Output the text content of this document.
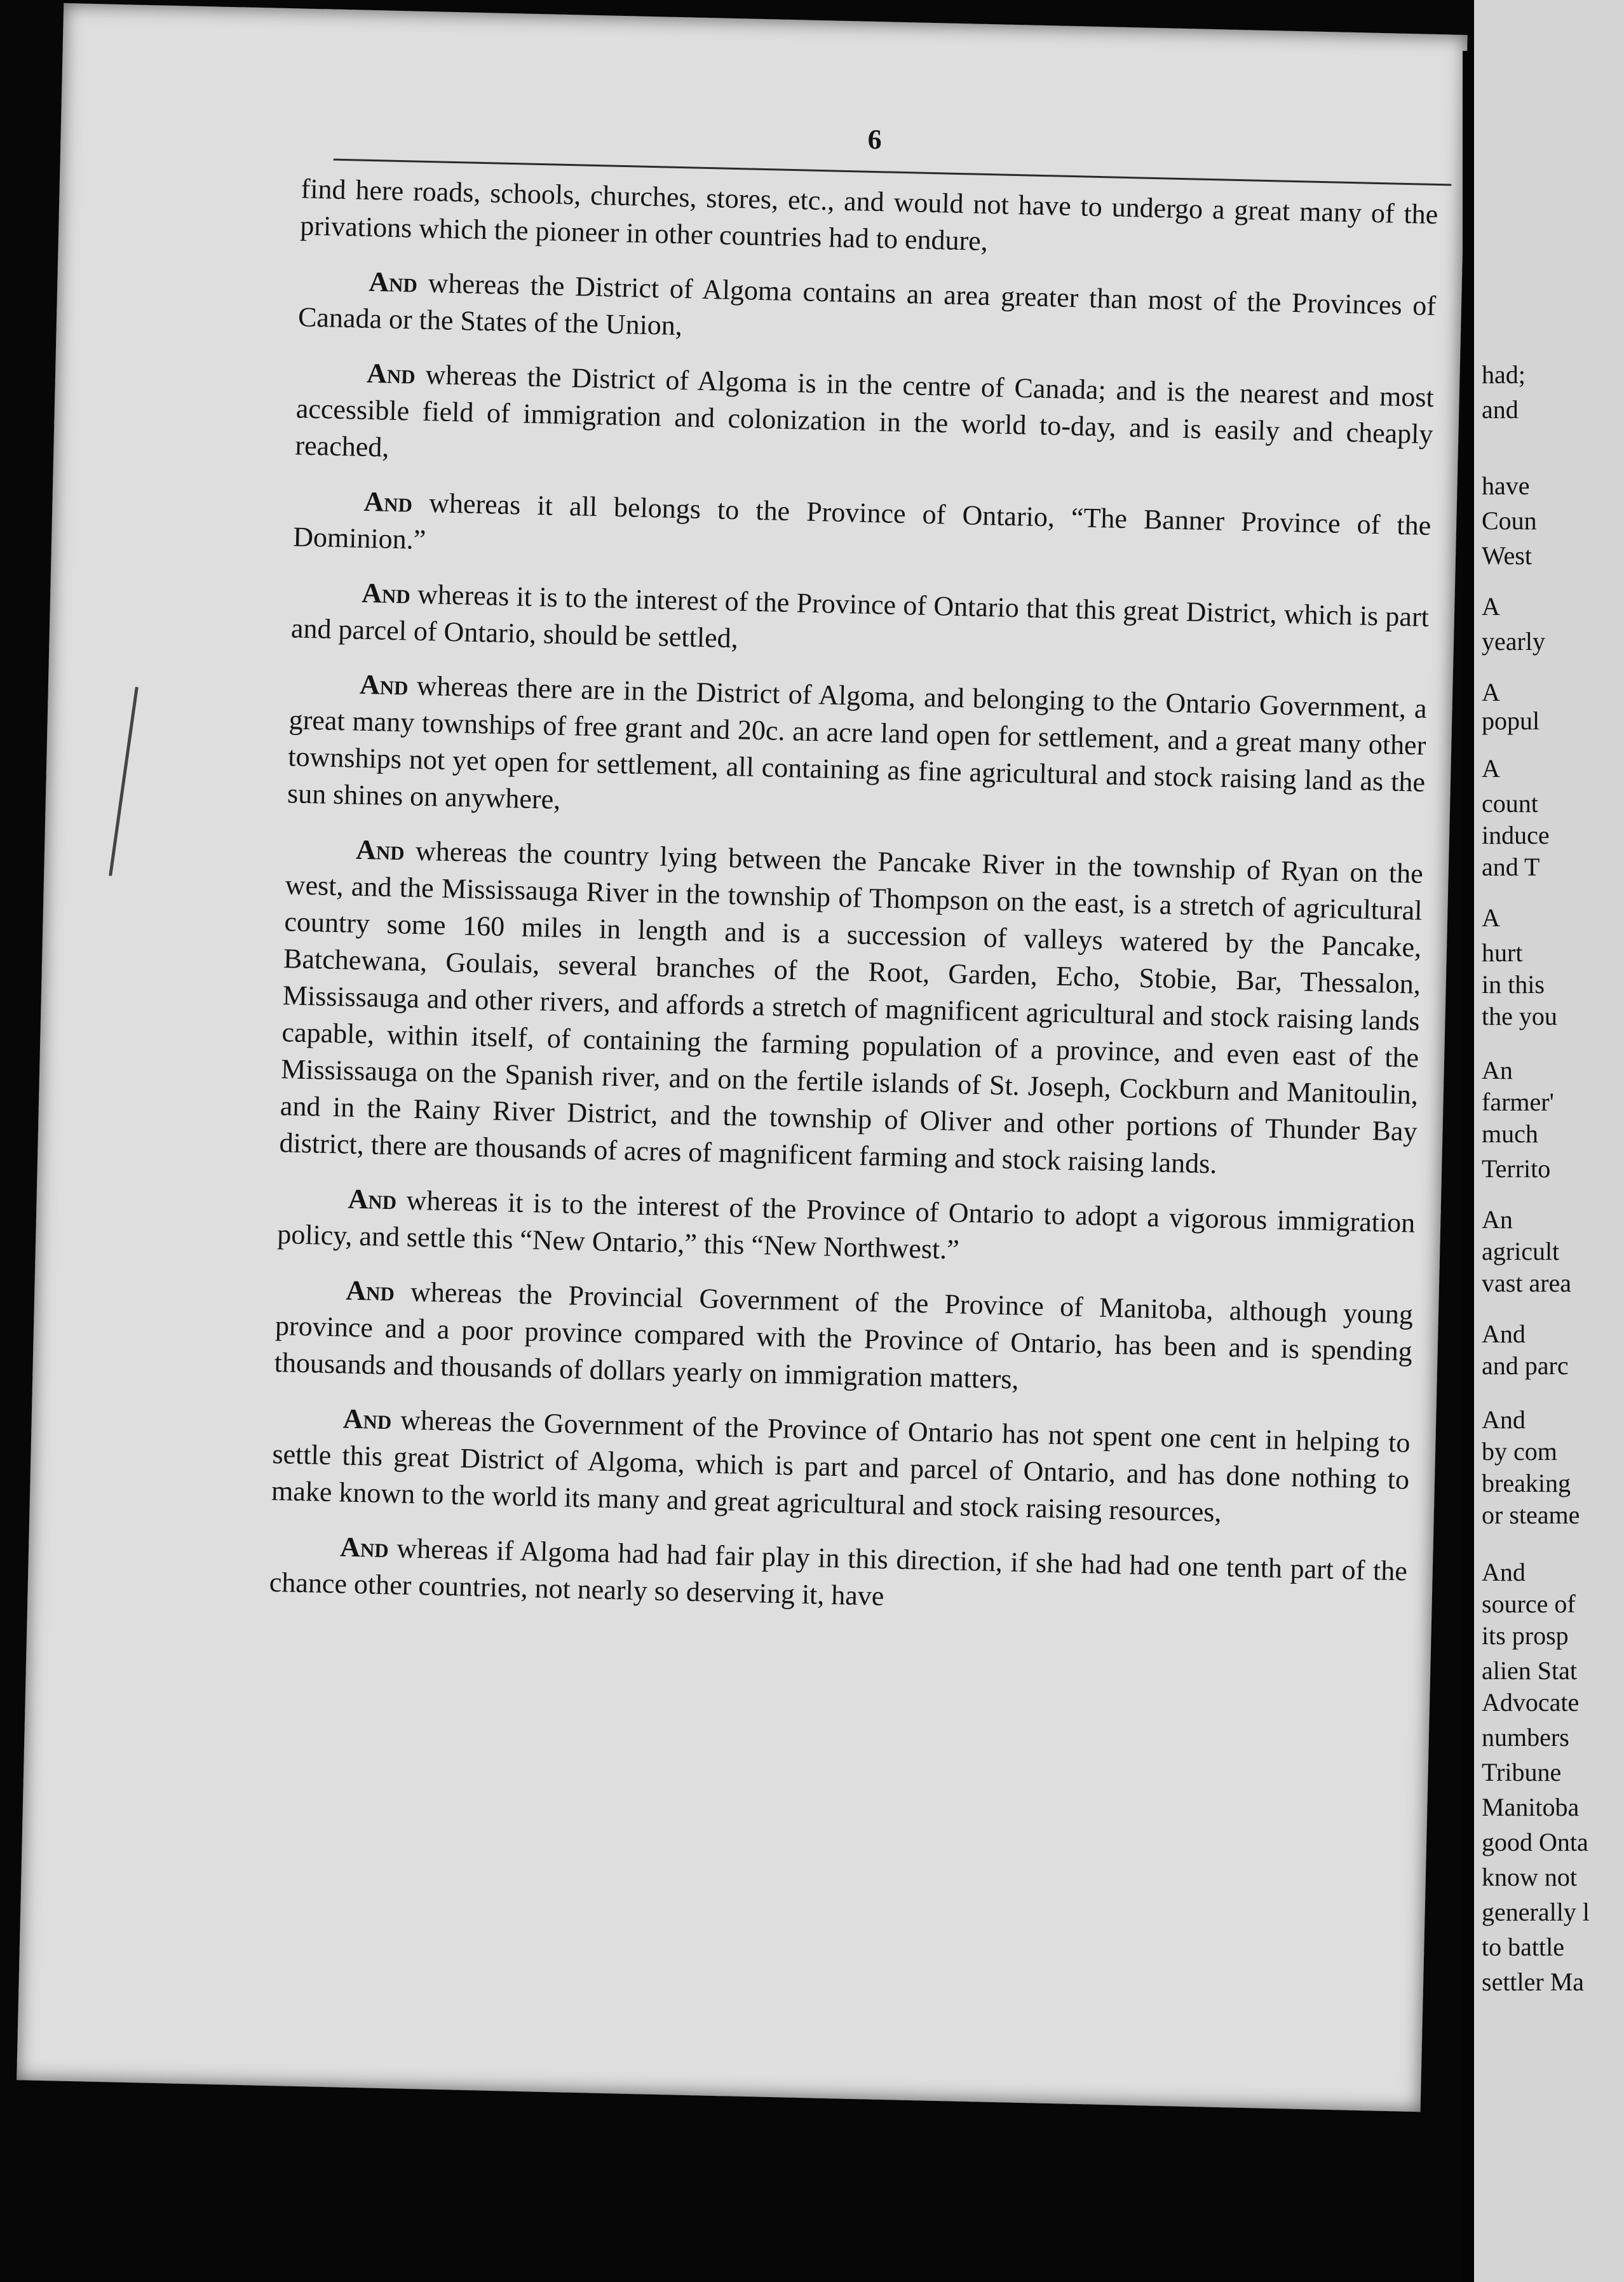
6

find here roads, schools, churches, stores, etc., and would not have to undergo a great many of the privations which the pioneer in other countries had to endure,

And whereas the District of Algoma contains an area greater than most of the Provinces of Canada or the States of the Union,

And whereas the District of Algoma is in the centre of Canada; and is the nearest and most accessible field of immigration and colonization in the world to-day, and is easily and cheaply reached,

And whereas it all belongs to the Province of Ontario, “The Banner Province of the Dominion.”

And whereas it is to the interest of the Province of Ontario that this great District, which is part and parcel of Ontario, should be settled,

And whereas there are in the District of Algoma, and belonging to the Ontario Government, a great many townships of free grant and 20c. an acre land open for settlement, and a great many other townships not yet open for settlement, all containing as fine agricultural and stock raising land as the sun shines on anywhere,

And whereas the country lying between the Pancake River in the township of Ryan on the west, and the Mississauga River in the township of Thompson on the east, is a stretch of agricultural country some 160 miles in length and is a succession of valleys watered by the Pancake, Batchewana, Goulais, several branches of the Root, Garden, Echo, Stobie, Bar, Thessalon, Mississauga and other rivers, and affords a stretch of magnificent agricultural and stock raising lands capable, within itself, of containing the farming population of a province, and even east of the Mississauga on the Spanish river, and on the fertile islands of St. Joseph, Cockburn and Manitoulin, and in the Rainy River District, and the township of Oliver and other portions of Thunder Bay district, there are thousands of acres of magnificent farming and stock raising lands.

And whereas it is to the interest of the Province of Ontario to adopt a vigorous immigration policy, and settle this “New Ontario,” this “New Northwest.”

And whereas the Provincial Government of the Province of Manitoba, although young province and a poor province compared with the Province of Ontario, has been and is spending thousands and thousands of dollars yearly on immigration matters,

And whereas the Government of the Province of Ontario has not spent one cent in helping to settle this great District of Algoma, which is part and parcel of Ontario, and has done nothing to make known to the world its many and great agricultural and stock raising resources,

And whereas if Algoma had had fair play in this direction, if she had had one tenth part of the chance other countries, not nearly so deserving it, have

had;
and
have
Coun
West
A
yearly
A
popul
A
count
induce
and T
A
hurt
in this
the you
An
farmer'
much
Territo
An
agricult
vast area
And
and parc
And
by com
breaking
or steame
And
source of
its prosp
alien Stat
Advocate
numbers
Tribune
Manitoba
good Onta
know not
generally l
to battle
settler Ma
